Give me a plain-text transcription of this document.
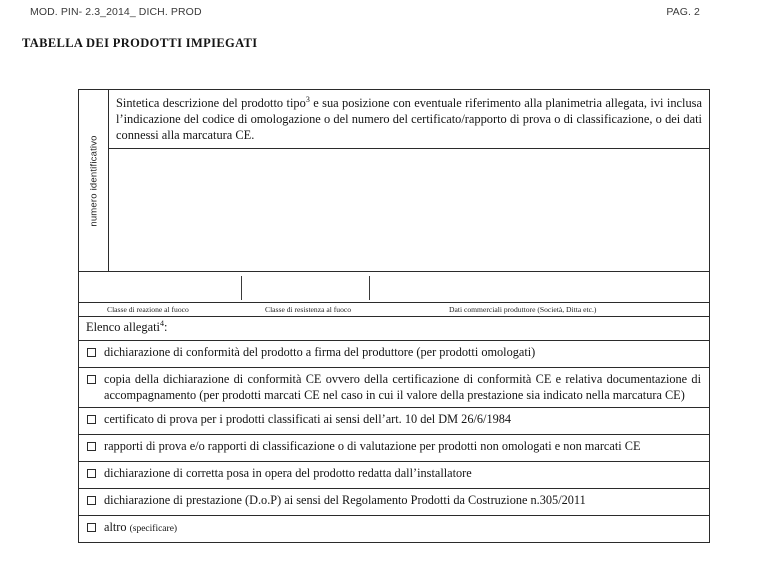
MOD. PIN- 2.3_2014_ DICH. PROD	PAG. 2
TABELLA DEI PRODOTTI IMPIEGATI
numero identificativo
Sintetica descrizione del prodotto tipo$^3$ e sua posizione con eventuale riferimento alla planimetria allegata, ivi inclusa l’indicazione del codice di omologazione o del numero del certificato/rapporto di prova o di classificazione, o dei dati connessi alla marcatura CE.
Classe di reazione al fuoco	Classe di resistenza al fuoco	Dati commerciali produttore (Società, Ditta etc.)
Elenco allegati$^4$:
dichiarazione di conformità del prodotto a firma del produttore (per prodotti omologati)
copia della dichiarazione di conformità CE ovvero della certificazione di conformità CE e relativa documentazione di accompagnamento (per prodotti marcati CE nel caso in cui il valore della prestazione sia indicato nella marcatura CE)
certificato di prova per i prodotti classificati ai sensi dell’art. 10 del DM 26/6/1984
rapporti di prova e/o rapporti di classificazione o di valutazione per prodotti non omologati e non marcati CE
dichiarazione di corretta posa in opera del prodotto redatta dall’installatore
dichiarazione di prestazione (D.o.P) ai sensi del Regolamento Prodotti da Costruzione n.305/2011
altro (specificare)
